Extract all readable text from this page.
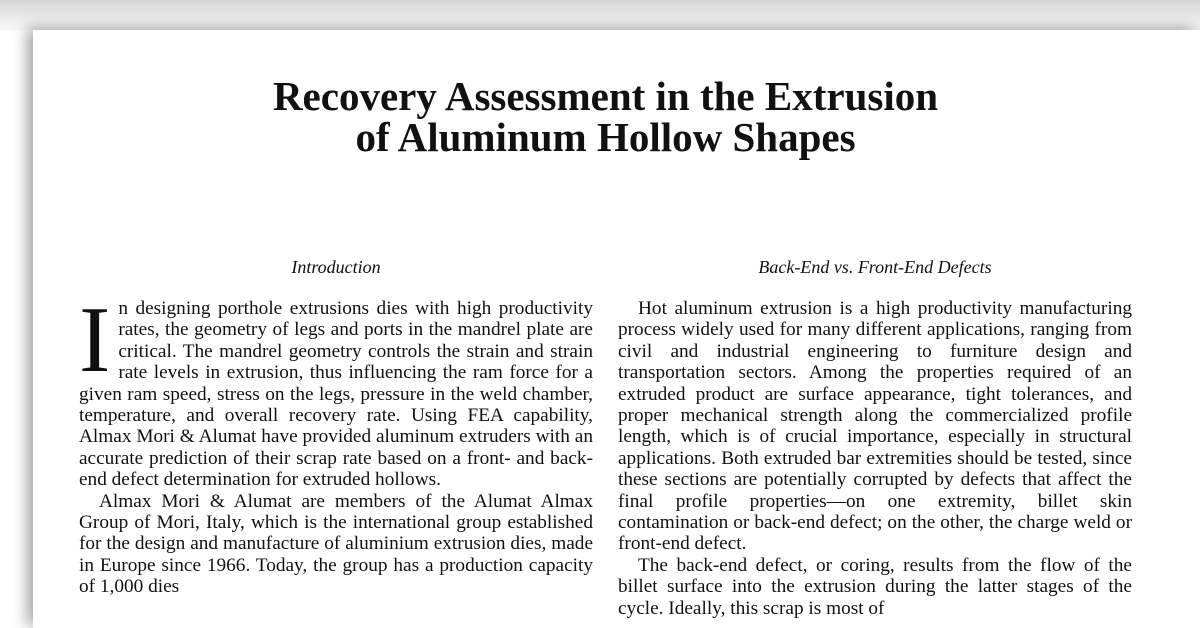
Recovery Assessment in the Extrusion
of Aluminum Hollow Shapes
Introduction

In designing porthole extrusions dies with high productivity rates, the geometry of legs and ports in the mandrel plate are critical. The mandrel geometry controls the strain and strain rate levels in extrusion, thus influencing the ram force for a given ram speed, stress on the legs, pressure in the weld chamber, temperature, and overall recovery rate. Using FEA capability, Almax Mori & Alumat have provided aluminum extruders with an accurate prediction of their scrap rate based on a front- and back-end defect determination for extruded hollows.

Almax Mori & Alumat are members of the Alumat Almax Group of Mori, Italy, which is the international group established for the design and manufacture of aluminium extrusion dies, made in Europe since 1966. Today, the group has a production capacity of 1,000 dies

Back-End vs. Front-End Defects

Hot aluminum extrusion is a high productivity manufacturing process widely used for many different applications, ranging from civil and industrial engineering to furniture design and transportation sectors. Among the properties required of an extruded product are surface appearance, tight tolerances, and proper mechanical strength along the commercialized profile length, which is of crucial importance, especially in structural applications. Both extruded bar extremities should be tested, since these sections are potentially corrupted by defects that affect the final profile properties—on one extremity, billet skin contamination or back-end defect; on the other, the charge weld or front-end defect.

The back-end defect, or coring, results from the flow of the billet surface into the extrusion during the latter stages of the cycle. Ideally, this scrap is most of
